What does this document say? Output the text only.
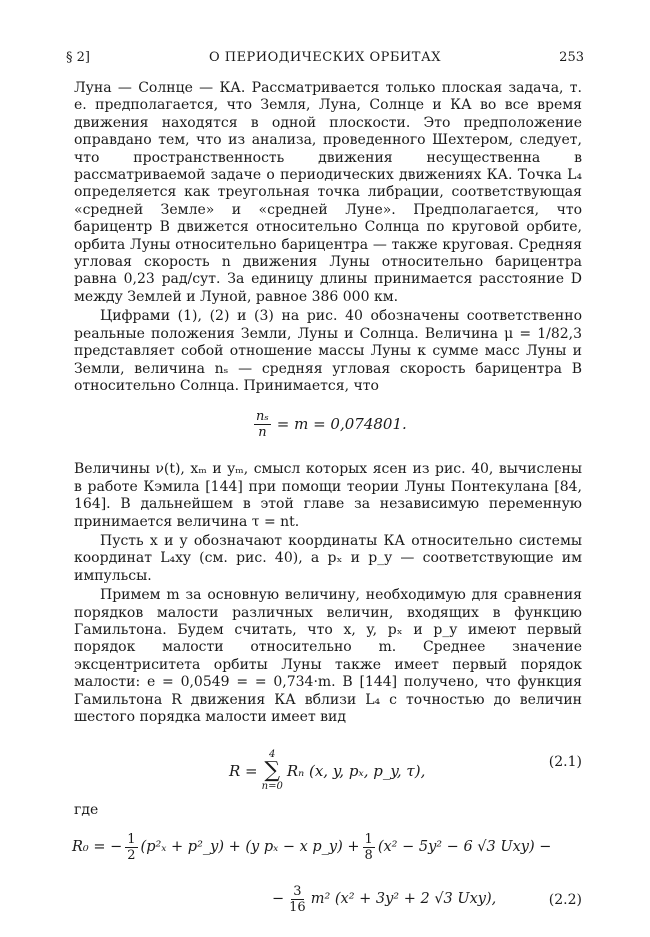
§ 2]	О ПЕРИОДИЧЕСКИХ ОРБИТАХ	253

Луна — Солнце — КА. Рассматривается только плоская задача, т. е. предполагается, что Земля, Луна, Солнце и КА во все время движения находятся в одной плоскости. Это предположение оправдано тем, что из анализа, проведенного Шехтером, следует, что пространственность движения несущественна в рассматриваемой задаче о периодических движениях КА. Точка L₄ определяется как треугольная точка либрации, соответствующая «средней Земле» и «средней Луне». Предполагается, что барицентр B движется относительно Солнца по круговой орбите, орбита Луны относительно барицентра — также круговая. Средняя угловая скорость n движения Луны относительно барицентра равна 0,23 рад/сут. За единицу длины принимается расстояние D между Землей и Луной, равное 386 000 км.

Цифрами (1), (2) и (3) на рис. 40 обозначены соответственно реальные положения Земли, Луны и Солнца. Величина μ = 1/82,3 представляет собой отношение массы Луны к сумме масс Луны и Земли, величина nₛ — средняя угловая скорость барицентра B относительно Солнца. Принимается, что

$\frac{\text{nₛ}}{n} = m = 0,074801$.

Величины ν(t), xₘ и yₘ, смысл которых ясен из рис. 40, вычислены в работе Кэмила [144] при помощи теории Луны Понтекулана [84, 164]. В дальнейшем в этой главе за независимую переменную принимается величина τ = nt.

Пусть x и y обозначают координаты КА относительно системы координат L₄xy (см. рис. 40), а pₓ и p_y — соответствующие им импульсы.

Примем m за основную величину, необходимую для сравнения порядков малости различных величин, входящих в функцию Гамильтона. Будем считать, что x, y, pₓ и p_y имеют первый порядок малости относительно m. Среднее значение эксцентриситета орбиты Луны также имеет первый порядок малости: e = 0,0549 = = 0,734·m. В [144] получено, что функция Гамильтона R движения КА вблизи L₄ с точностью до величин шестого порядка малости имеет вид

R =
4
∑
n=0
Rₙ (x, y, pₓ, p_y, τ),	(2.1)

где

R₀ = − $\frac{1}{2} (p^2_x$ + p²_y) + (y pₓ − x p_y) + $\frac{1}{8} (x^2 - 5y^2 - 6$ √3 Uxy) −
− $\frac{3}{16} m^2$ (x² + 3y² + 2 √3 Uxy),	(2.2)
